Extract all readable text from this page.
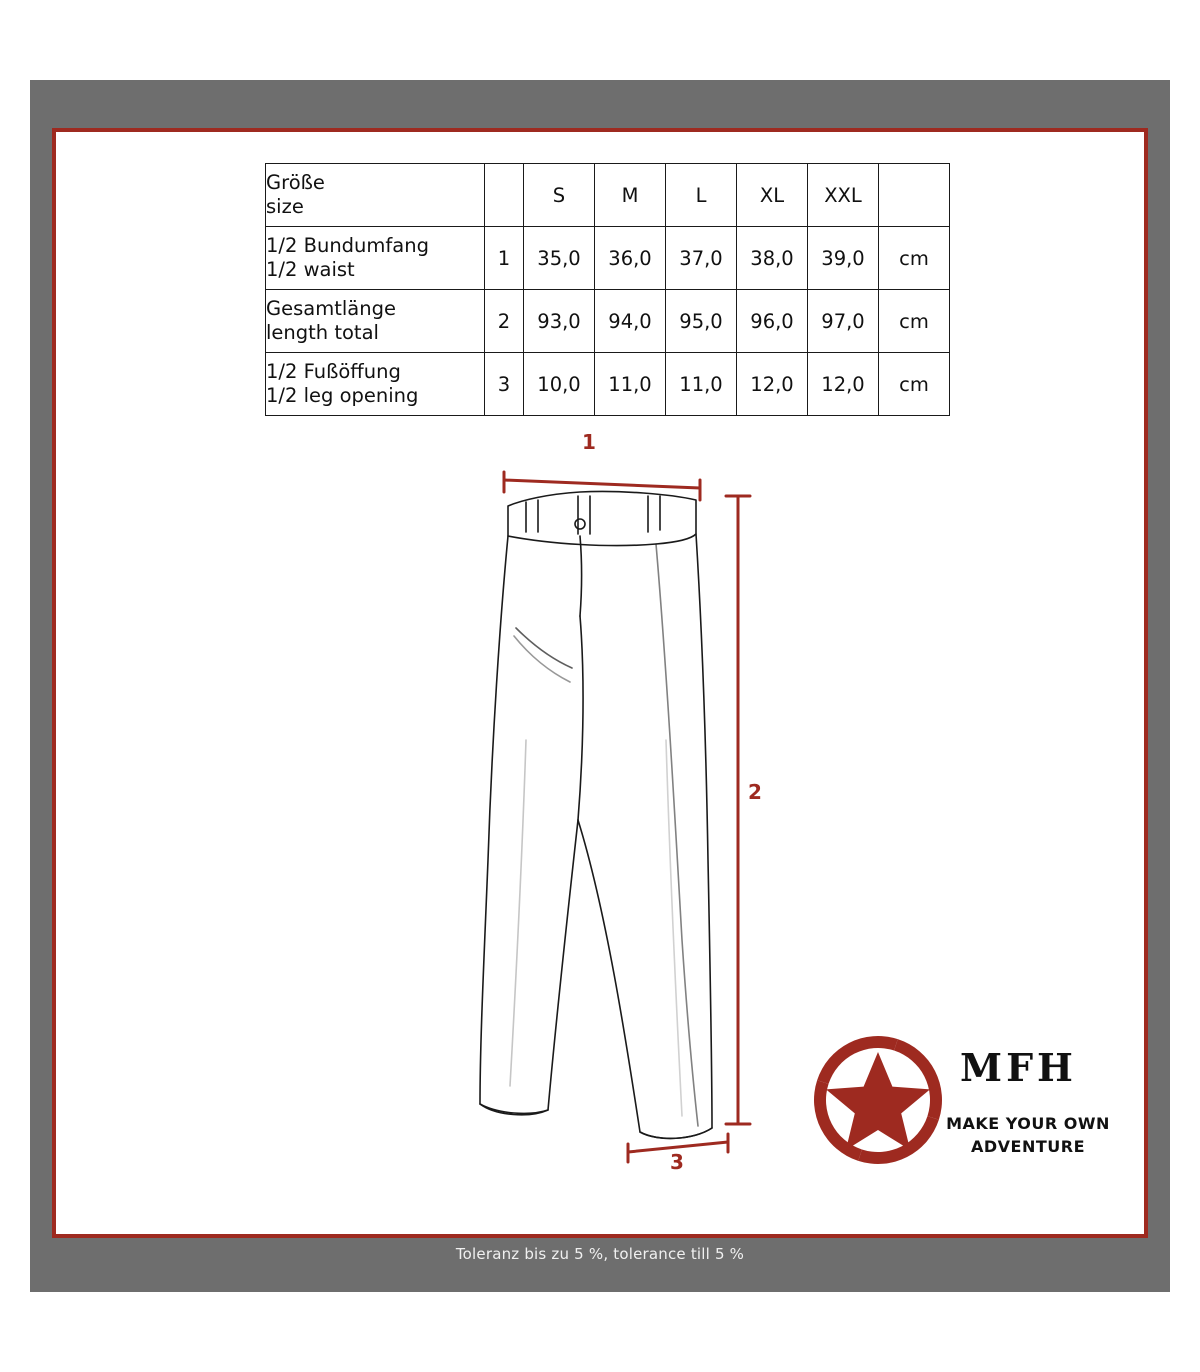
Größe
size		S	M	L	XL	XXL	

1/2 Bundumfang
1/2 waist	1	35,0	36,0	37,0	38,0	39,0	cm

Gesamtlänge
length total	2	93,0	94,0	95,0	96,0	97,0	cm

1/2 Fußöffung
1/2 leg opening	3	10,0	11,0	11,0	12,0	12,0	cm
1
2
3
MFH
MAKE YOUR OWN
ADVENTURE
Toleranz bis zu 5 %, tolerance till 5 %
